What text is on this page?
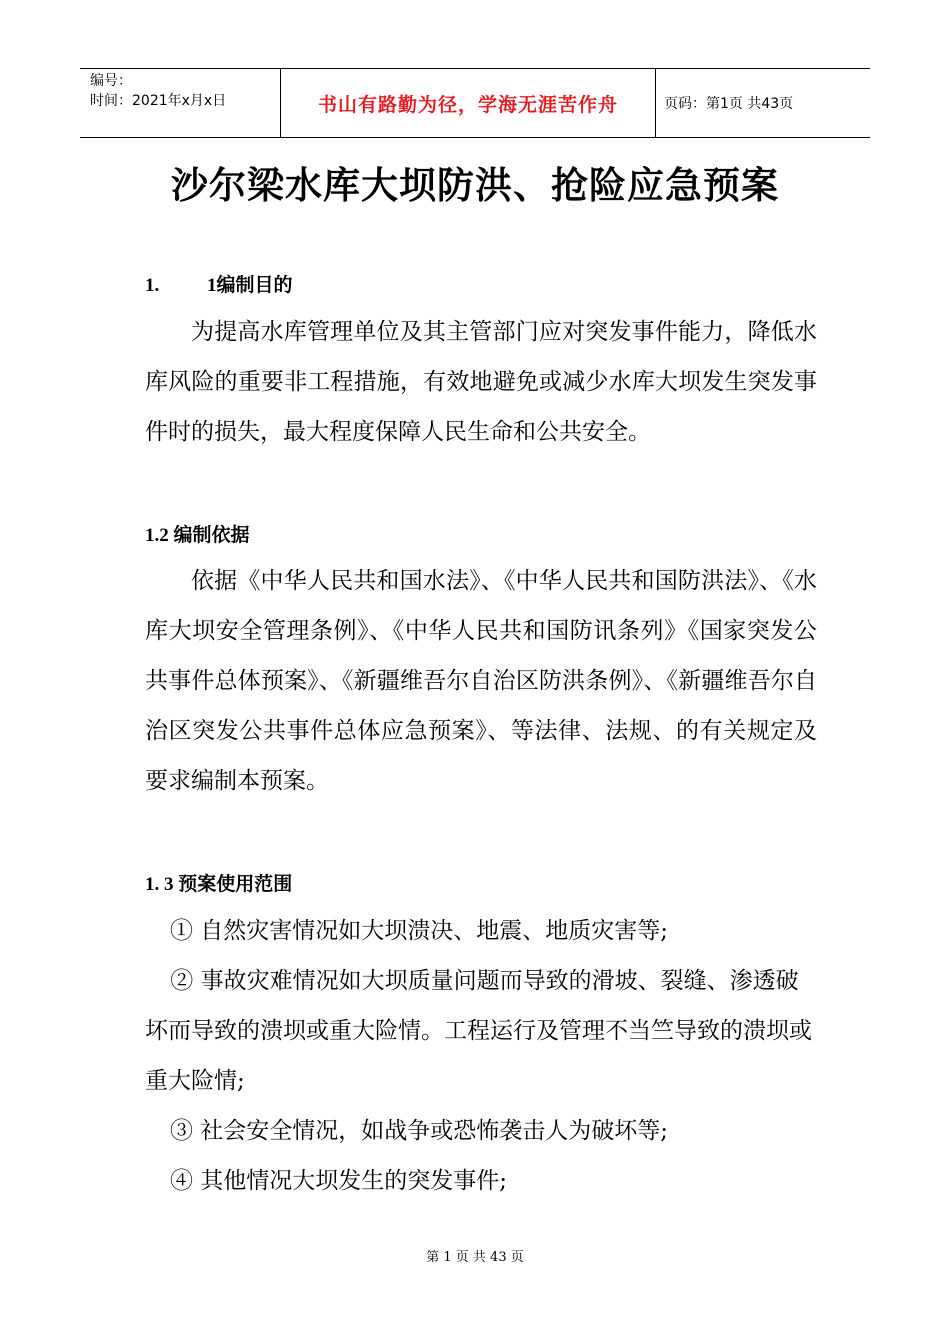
编号：
时间：2021年x月x日	书山有路勤为径，学海无涯苦作舟	页码：第1页 共43页
沙尔梁水库大坝防洪、抢险应急预案
1.	1编制目的

为提高水库管理单位及其主管部门应对突发事件能力，降低水库风险的重要非工程措施，有效地避免或减少水库大坝发生突发事件时的损失，最大程度保障人民生命和公共安全。

1.2 编制依据

依据《中华人民共和国水法》、《中华人民共和国防洪法》、《水库大坝安全管理条例》、《中华人民共和国防讯条列》《国家突发公共事件总体预案》、《新疆维吾尔自治区防洪条例》、《新疆维吾尔自治区突发公共事件总体应急预案》、等法律、法规、的有关规定及要求编制本预案。

1. 3 预案使用范围
① 自然灾害情况如大坝溃决、地震、地质灾害等;

② 事故灾难情况如大坝质量问题而导致的滑坡、裂缝、渗透破坏而导致的溃坝或重大险情。工程运行及管理不当竺导致的溃坝或重大险情;

③ 社会安全情况，如战争或恐怖袭击人为破坏等;
④ 其他情况大坝发生的突发事件;
第 1 页 共 43 页
